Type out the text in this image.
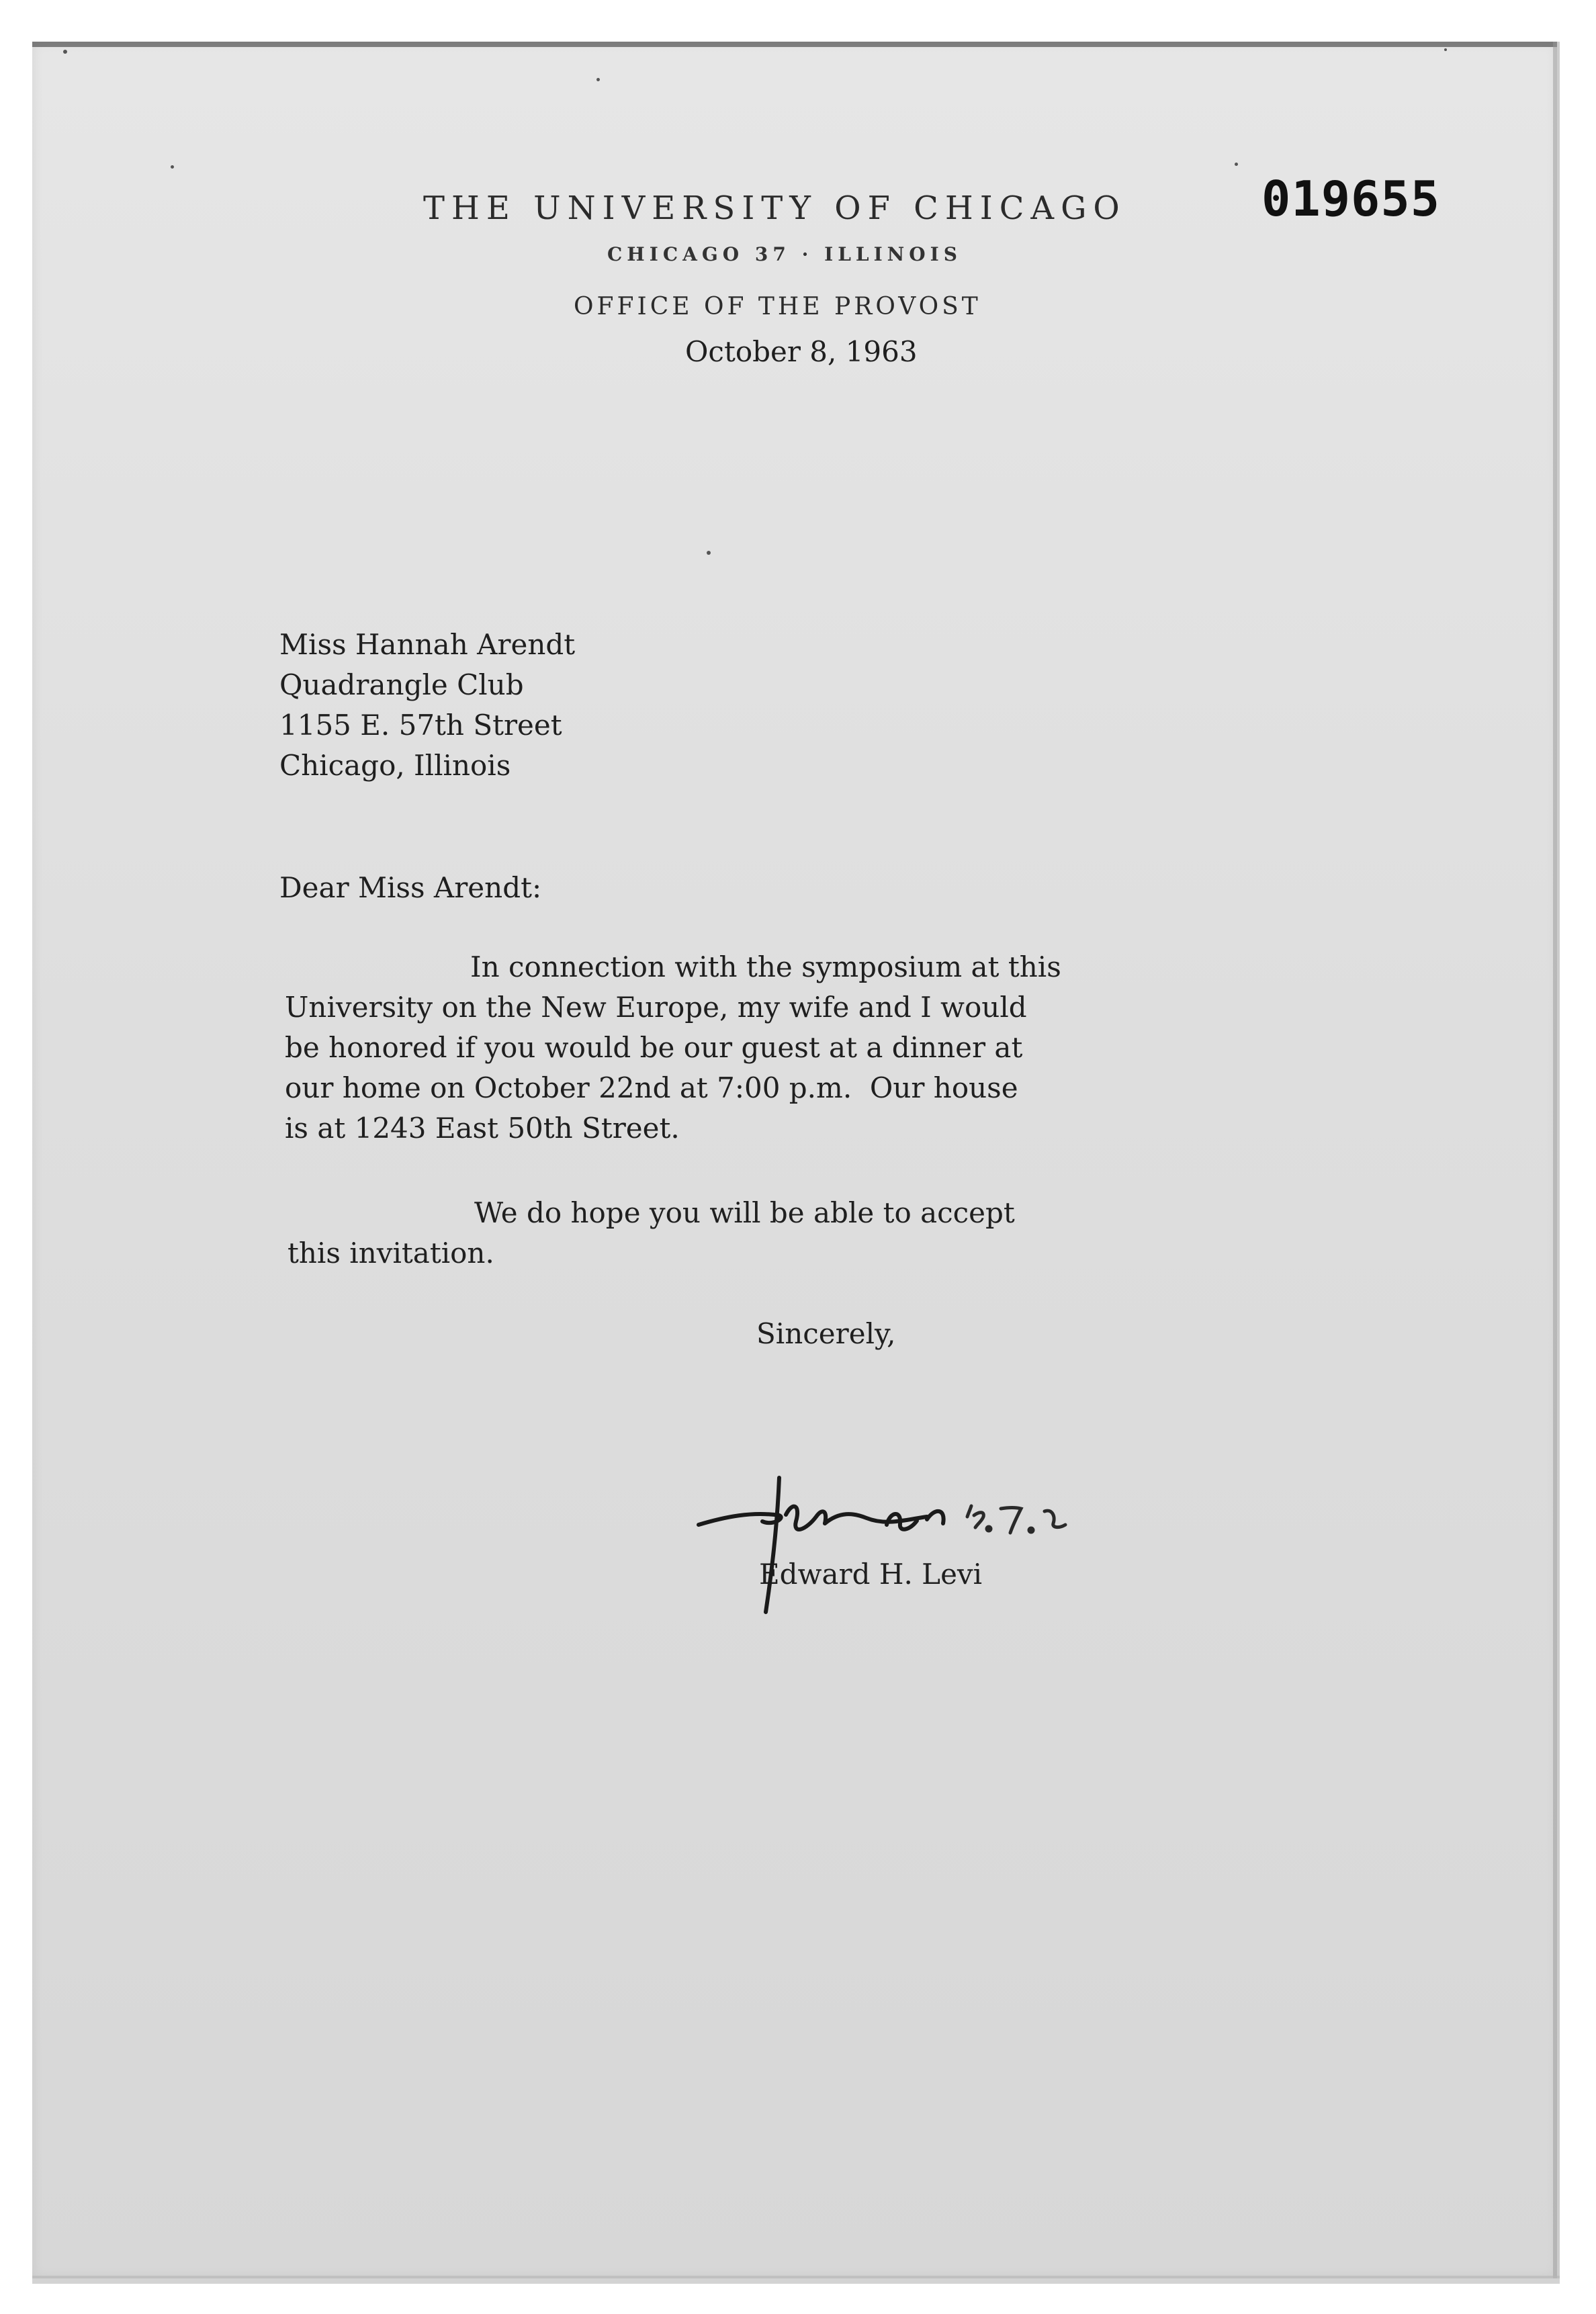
019655
THE UNIVERSITY OF CHICAGO
CHICAGO 37 · ILLINOIS
OFFICE OF THE PROVOST
October 8, 1963
Miss Hannah Arendt
Quadrangle Club
1155 E. 57th Street
Chicago, Illinois
Dear Miss Arendt:
In connection with the symposium at this
University on the New Europe, my wife and I would
be honored if you would be our guest at a dinner at
our home on October 22nd at 7:00 p.m.  Our house
is at 1243 East 50th Street.
We do hope you will be able to accept
this invitation.
Sincerely,
Edward H. Levi
